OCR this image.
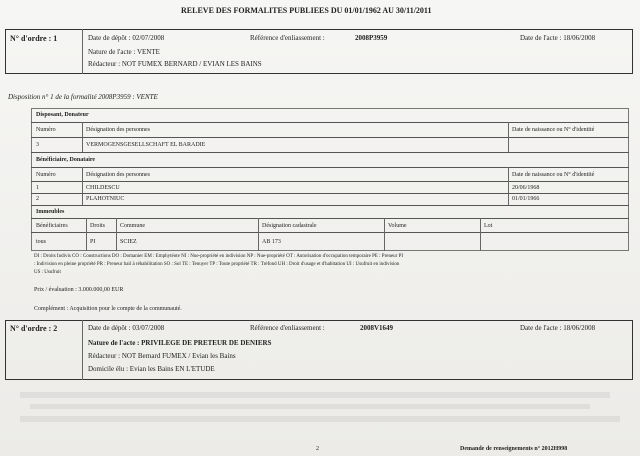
RELEVE DES FORMALITES PUBLIEES DU 01/01/1962 AU 30/11/2011
N° d'ordre : 1	Date de dépôt : 02/07/2008	Référence d'enliassement :	2008P3959	Date de l'acte : 18/06/2008
Nature de l'acte : VENTE
Rédacteur : NOT FUMEX BERNARD / EVIAN LES BAINS
Disposition n° 1 de la formalité 2008P3959 : VENTE
Disposant, Donateur
Numéro	Désignation des personnes	Date de naissance ou N° d'identité
3	VERMOGENSGESELLSCHAFT EL BARADIE
Bénéficiaire, Donataire
Numéro	Désignation des personnes	Date de naissance ou N° d'identité
1	CHILDESCU	20/06/1968
2	PLAHOTNIUC	01/01/1966
Immeubles
Bénéficiaires	Droits	Commune	Désignation cadastrale	Volume	Lot
tous	PI	SCIEZ	AB 173
DI : Droits Indivis CO : Constructions DO : Domanier EM : Emphytéote NI : Nue-propriété en indivision NP : Nue-propriété OT : Autorisation d'occupation temporaire PE : Preneur PI
: Indivision en pleine propriété PR : Preneur bail à réhabilitation SO : Sol TE : Tenuyer TP : Toute propriété TR : Tréfond UH : Droit d'usage et d'habitation UI : Usufruit en indivision
US : Usufruit
Prix / évaluation : 3.000.000,00 EUR
Complément : Acquisition pour le compte de la communauté.
N° d'ordre : 2	Date de dépôt : 03/07/2008	Référence d'enliassement :	2008V1649	Date de l'acte : 18/06/2008
Nature de l'acte : PRIVILEGE DE PRETEUR DE DENIERS
Rédacteur : NOT Bernard FUMEX / Evian les Bains
Domicile élu : Evian les Bains EN L'ETUDE
2	Demande de renseignements n° 2012H998
